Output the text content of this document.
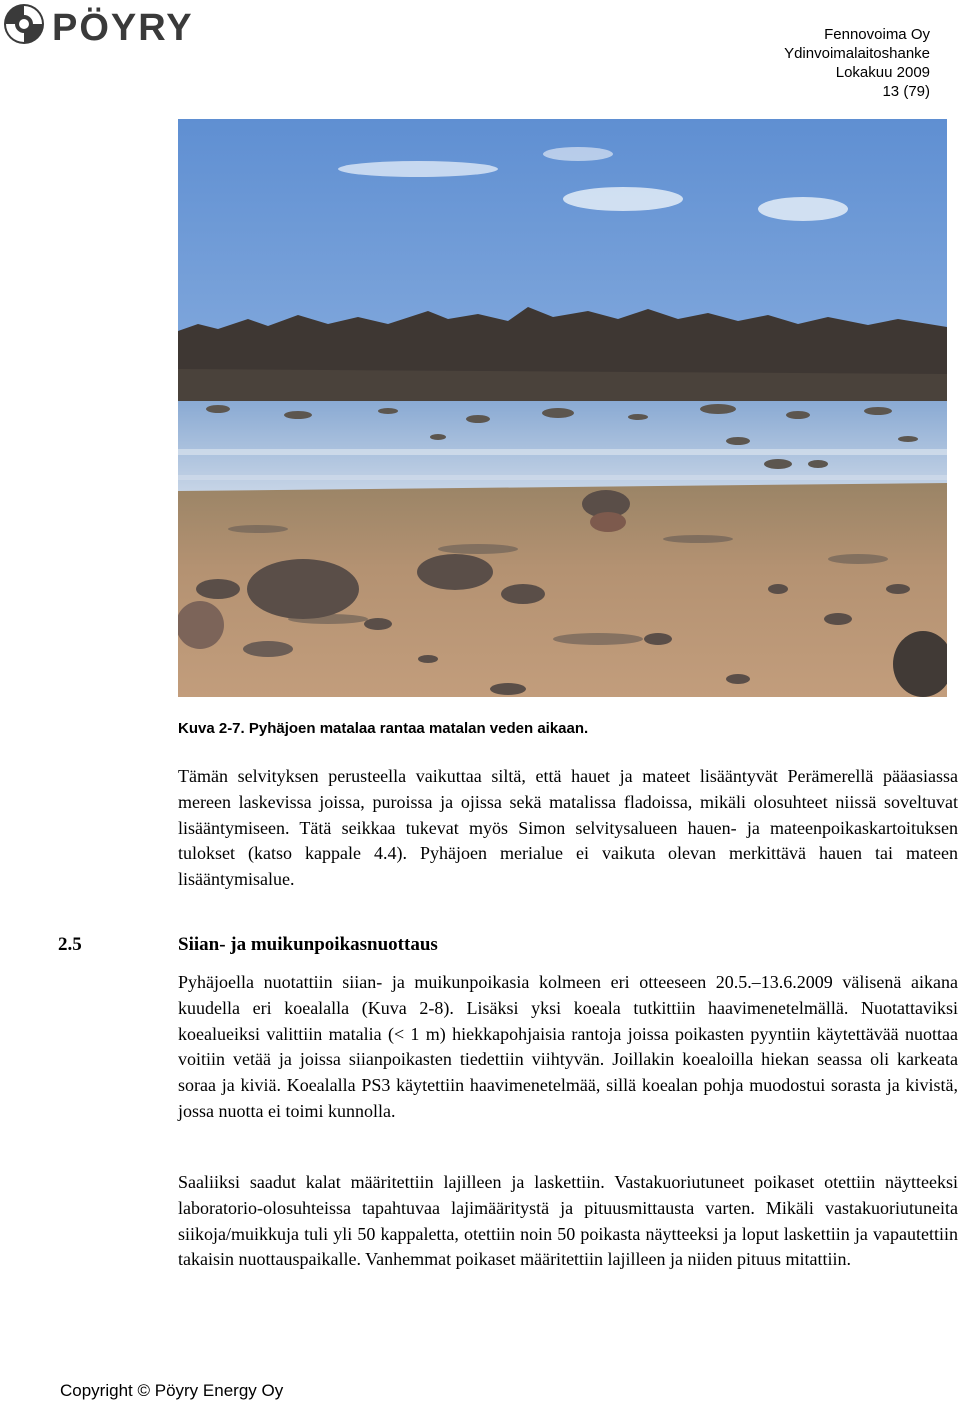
PÖYRY	Fennovoima Oy
Ydinvoimalaitoshanke
Lokakuu 2009
13 (79)
Kuva 2-7. Pyhäjoen matalaa rantaa matalan veden aikaan.

Tämän selvityksen perusteella vaikuttaa siltä, että hauet ja mateet lisääntyvät Perämerellä pääasiassa mereen laskevissa joissa, puroissa ja ojissa sekä matalissa fladoissa, mikäli olosuhteet niissä soveltuvat lisääntymiseen. Tätä seikkaa tukevat myös Simon selvitysalueen hauen- ja mateenpoikaskartoituksen tulokset (katso kappale 4.4). Pyhäjoen merialue ei vaikuta olevan merkittävä hauen tai mateen lisääntymisalue.

2.5	Siian- ja muikunpoikasnuottaus

Pyhäjoella nuotattiin siian- ja muikunpoikasia kolmeen eri otteeseen 20.5.–13.6.2009 välisenä aikana kuudella eri koealalla (Kuva 2-8). Lisäksi yksi koeala tutkittiin haavimenetelmällä. Nuotattaviksi koealueiksi valittiin matalia (< 1 m) hiekkapohjaisia rantoja joissa poikasten pyyntiin käytettävää nuottaa voitiin vetää ja joissa siianpoikasten tiedettiin viihtyvän. Joillakin koealoilla hiekan seassa oli karkeata soraa ja kiviä. Koealalla PS3 käytettiin haavimenetelmää, sillä koealan pohja muodostui sorasta ja kivistä, jossa nuotta ei toimi kunnolla.

Saaliiksi saadut kalat määritettiin lajilleen ja laskettiin. Vastakuoriutuneet poikaset otettiin näytteeksi laboratorio-olosuhteissa tapahtuvaa lajimääritystä ja pituusmittausta varten. Mikäli vastakuoriutuneita siikoja/muikkuja tuli yli 50 kappaletta, otettiin noin 50 poikasta näytteeksi ja loput laskettiin ja vapautettiin takaisin nuottauspaikalle. Vanhemmat poikaset määritettiin lajilleen ja niiden pituus mitattiin.

Copyright © Pöyry Energy Oy
